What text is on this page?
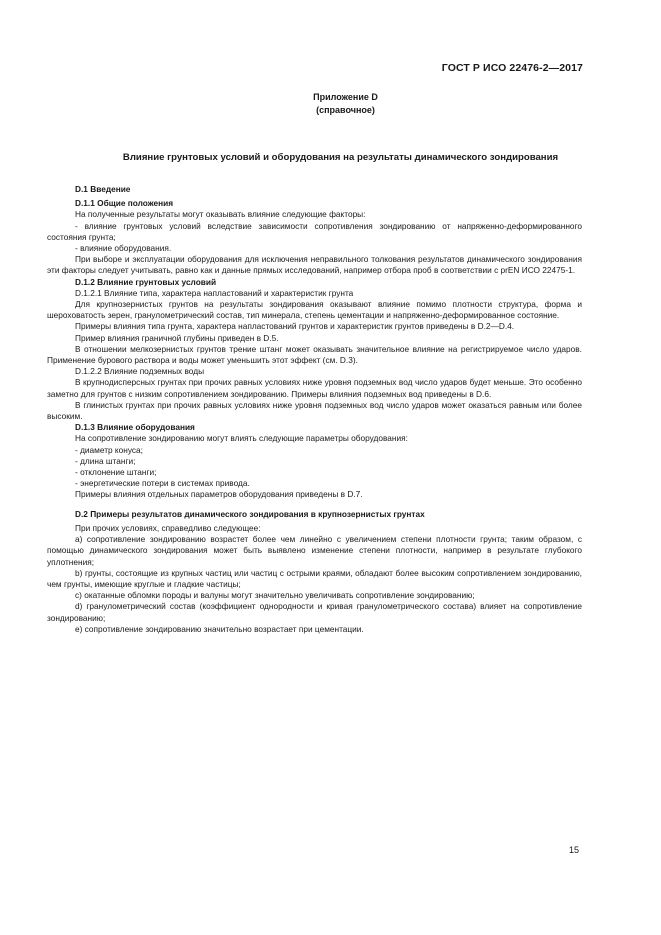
ГОСТ Р ИСО 22476-2—2017
Приложение D
(справочное)
Влияние грунтовых условий и оборудования на результаты динамического зондирования

D.1 Введение

D.1.1 Общие положения

На полученные результаты могут оказывать влияние следующие факторы:

- влияние грунтовых условий вследствие зависимости сопротивления зондированию от напряженно-деформированного состояния грунта;

- влияние оборудования.

При выборе и эксплуатации оборудования для исключения неправильного толкования результатов динамического зондирования эти факторы следует учитывать, равно как и данные прямых исследований, например отбора проб в соответствии с prEN ИСО 22475-1.

D.1.2 Влияние грунтовых условий

D.1.2.1 Влияние типа, характера напластований и характеристик грунта

Для крупнозернистых грунтов на результаты зондирования оказывают влияние помимо плотности структура, форма и шероховатость зерен, гранулометрический состав, тип минерала, степень цементации и напряженно-деформированное состояние.

Примеры влияния типа грунта, характера напластований грунтов и характеристик грунтов приведены в D.2—D.4.

Пример влияния граничной глубины приведен в D.5.

В отношении мелкозернистых грунтов трение штанг может оказывать значительное влияние на регистрируемое число ударов. Применение бурового раствора и воды может уменьшить этот эффект (см. D.3).

D.1.2.2 Влияние подземных воды

В крупнодисперсных грунтах при прочих равных условиях ниже уровня подземных вод число ударов будет меньше. Это особенно заметно для грунтов с низким сопротивлением зондированию. Примеры влияния подземных вод приведены в D.6.

В глинистых грунтах при прочих равных условиях ниже уровня подземных вод число ударов может оказаться равным или более высоким.

D.1.3 Влияние оборудования

На сопротивление зондированию могут влиять следующие параметры оборудования:

- диаметр конуса;

- длина штанги;

- отклонение штанги;

- энергетические потери в системах привода.

Примеры влияния отдельных параметров оборудования приведены в D.7.

D.2 Примеры результатов динамического зондирования в крупнозернистых грунтах

При прочих условиях, справедливо следующее:

a) сопротивление зондированию возрастет более чем линейно с увеличением степени плотности грунта; таким образом, с помощью динамического зондирования может быть выявлено изменение степени плотности, например в результате глубокого уплотнения;

b) грунты, состоящие из крупных частиц или частиц с острыми краями, обладают более высоким сопротивлением зондированию, чем грунты, имеющие круглые и гладкие частицы;

c) окатанные обломки породы и валуны могут значительно увеличивать сопротивление зондированию;

d) гранулометрический состав (коэффициент однородности и кривая гранулометрического состава) влияет на сопротивление зондированию;

e) сопротивление зондированию значительно возрастает при цементации.

15
